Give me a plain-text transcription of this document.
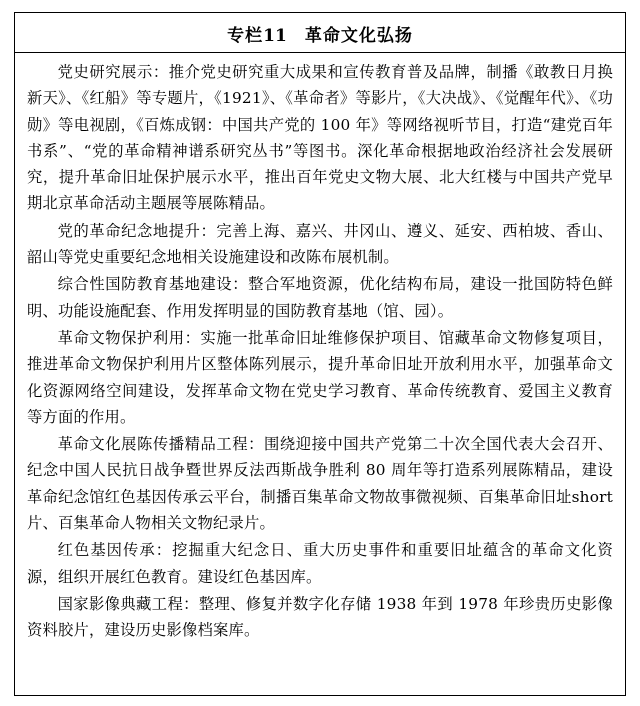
专栏11 革命文化弘扬

党史研究展示：推介党史研究重大成果和宣传教育普及品牌，制播《敢教日月换新天》、《红船》等专题片，《1921》、《革命者》等影片，《大决战》、《觉醒年代》、《功勋》等电视剧，《百炼成钢：中国共产党的 100 年》等网络视听节目，打造“建党百年书系”、“党的革命精神谱系研究丛书”等图书。深化革命根据地政治经济社会发展研究，提升革命旧址保护展示水平，推出百年党史文物大展、北大红楼与中国共产党早期北京革命活动主题展等展陈精品。

党的革命纪念地提升：完善上海、嘉兴、井冈山、遵义、延安、西柏坡、香山、韶山等党史重要纪念地相关设施建设和改陈布展机制。

综合性国防教育基地建设：整合军地资源，优化结构布局，建设一批国防特色鲜明、功能设施配套、作用发挥明显的国防教育基地（馆、园）。

革命文物保护利用：实施一批革命旧址维修保护项目、馆藏革命文物修复项目，推进革命文物保护利用片区整体陈列展示，提升革命旧址开放利用水平，加强革命文化资源网络空间建设，发挥革命文物在党史学习教育、革命传统教育、爱国主义教育等方面的作用。

革命文化展陈传播精品工程：围绕迎接中国共产党第二十次全国代表大会召开、纪念中国人民抗日战争暨世界反法西斯战争胜利 80 周年等打造系列展陈精品，建设革命纪念馆红色基因传承云平台，制播百集革命文物故事微视频、百集革命旧址short片、百集革命人物相关文物纪录片。

红色基因传承：挖掘重大纪念日、重大历史事件和重要旧址蕴含的革命文化资源，组织开展红色教育。建设红色基因库。

国家影像典藏工程：整理、修复并数字化存储 1938 年到 1978 年珍贵历史影像资料胶片，建设历史影像档案库。
